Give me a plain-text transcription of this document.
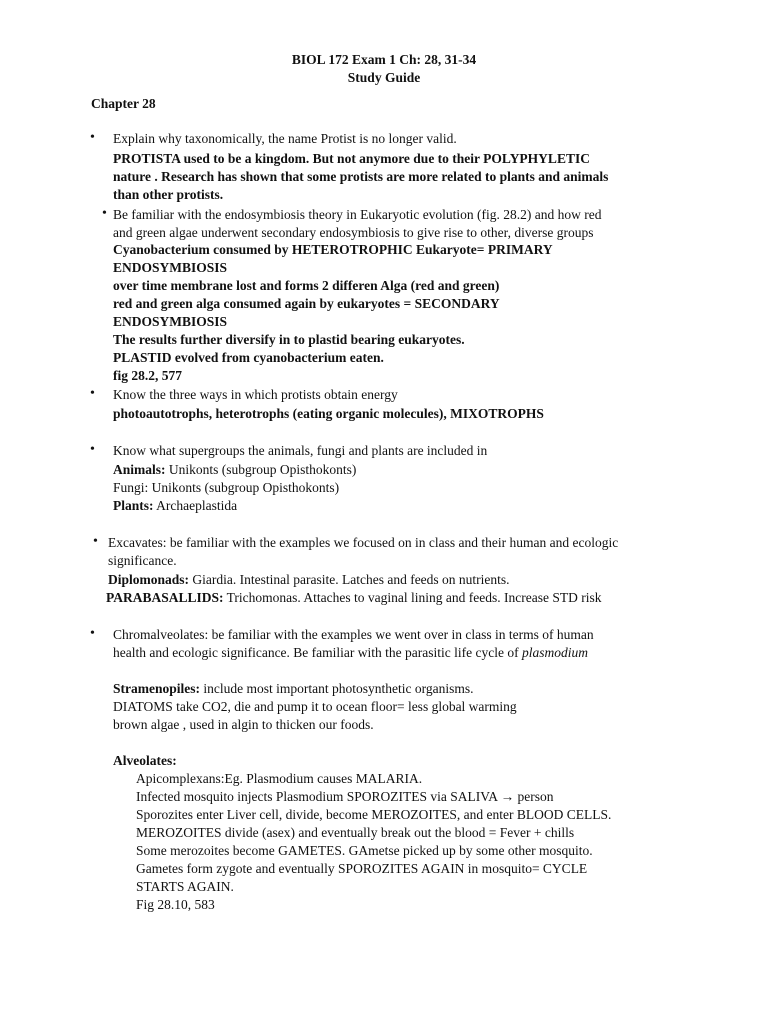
BIOL 172 Exam 1 Ch: 28, 31-34
Study Guide
Chapter 28
• Explain why taxonomically, the name Protist is no longer valid.
PROTISTA used to be a kingdom. But not anymore due to their POLYPHYLETIC
nature . Research has shown that some protists are more related to plants and animals
than other protists.
• Be familiar with the endosymbiosis theory in Eukaryotic evolution (fig. 28.2) and how red
and green algae underwent secondary endosymbiosis to give rise to other, diverse groups
Cyanobacterium consumed by HETEROTROPHIC Eukaryote= PRIMARY
ENDOSYMBIOSIS
over time membrane lost and forms 2 differen Alga (red and green)
red and green alga consumed again by eukaryotes = SECONDARY
ENDOSYMBIOSIS
The results further diversify in to plastid bearing eukaryotes.
PLASTID evolved from cyanobacterium eaten.
fig 28.2, 577
• Know the three ways in which protists obtain energy
photoautotrophs, heterotrophs (eating organic molecules), MIXOTROPHS
• Know what supergroups the animals, fungi and plants are included in
Animals: Unikonts (subgroup Opisthokonts)
Fungi: Unikonts (subgroup Opisthokonts)
Plants: Archaeplastida
• Excavates: be familiar with the examples we focused on in class and their human and ecologic
significance.
Diplomonads: Giardia. Intestinal parasite. Latches and feeds on nutrients.
PARABASALLIDS: Trichomonas. Attaches to vaginal lining and feeds. Increase STD risk
• Chromalveolates: be familiar with the examples we went over in class in terms of human
health and ecologic significance. Be familiar with the parasitic life cycle of plasmodium
Stramenopiles: include most important photosynthetic organisms.
DIATOMS take CO2, die and pump it to ocean floor= less global warming
brown algae , used in algin to thicken our foods.
Alveolates:
Apicomplexans:Eg. Plasmodium causes MALARIA.
Infected mosquito injects Plasmodium SPOROZITES via SALIVA → person
Sporozites enter Liver cell, divide, become MEROZOITES, and enter BLOOD CELLS.
MEROZOITES divide (asex) and eventually break out the blood = Fever + chills
Some merozoites become GAMETES. GAmetse picked up by some other mosquito.
Gametes form zygote and eventually SPOROZITES AGAIN in mosquito= CYCLE
STARTS AGAIN.
Fig 28.10, 583
